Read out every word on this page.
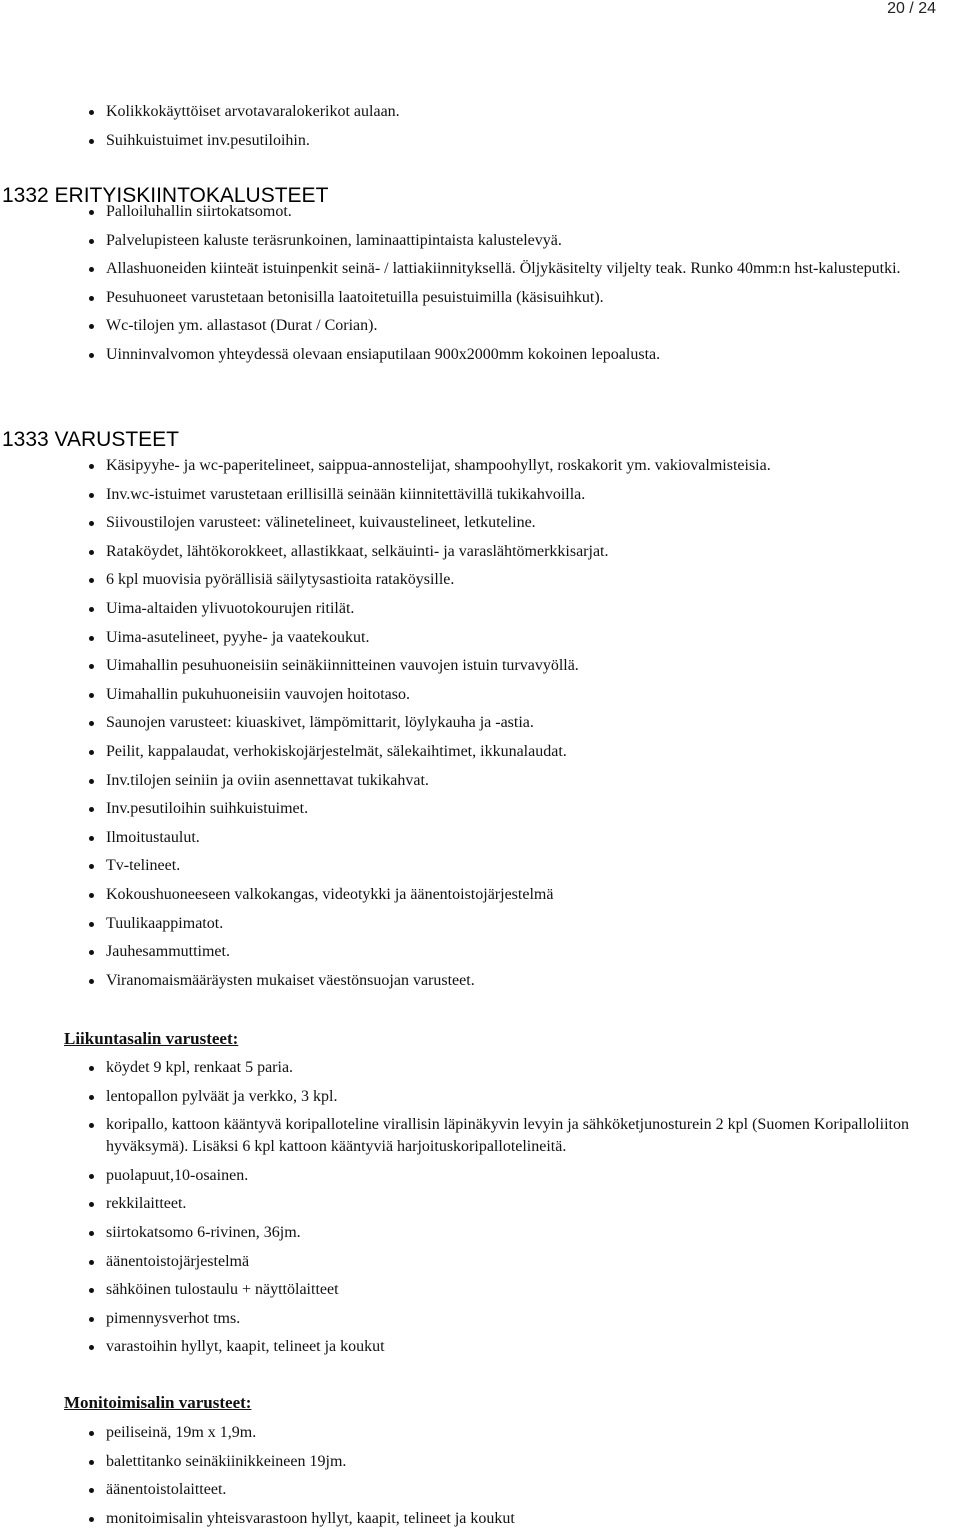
20 / 24
Kolikkokäyttöiset arvotavaralokerikot aulaan.
Suihkuistuimet inv.pesutiloihin.
1332 ERITYISKIINTOKALUSTEET
Palloiluhallin siirtokatsomot.
Palvelupisteen kaluste teräsrunkoinen, laminaattipintaista kalustelevyä.
Allashuoneiden kiinteät istuinpenkit seinä- / lattiakiinnityksellä. Öljykäsitelty viljelty teak. Runko 40mm:n hst-kalusteputki.
Pesuhuoneet varustetaan betonisilla laatoitetuilla pesuistuimilla (käsisuihkut).
Wc-tilojen ym. allastasot (Durat / Corian).
Uinninvalvomon yhteydessä olevaan ensiaputilaan 900x2000mm kokoinen lepoalusta.
1333 VARUSTEET
Käsipyyhe- ja wc-paperitelineet, saippua-annostelijat, shampoohyllyt, roskakorit ym. vakiovalmisteisia.
Inv.wc-istuimet varustetaan erillisillä seinään kiinnitettävillä tukikahvoilla.
Siivoustilojen varusteet: välinetelineet, kuivaustelineet, letkuteline.
Rataköydet, lähtökorokkeet, allastikkaat, selkäuinti- ja varaslähtömerkkisarjat.
6 kpl muovisia pyörällisiä säilytysastioita rataköysille.
Uima-altaiden ylivuotokourujen ritilät.
Uima-asutelineet, pyyhe- ja vaatekoukut.
Uimahallin pesuhuoneisiin seinäkiinnitteinen vauvojen istuin turvavyöllä.
Uimahallin pukuhuoneisiin vauvojen hoitotaso.
Saunojen varusteet: kiuaskivet, lämpömittarit, löylykauha ja -astia.
Peilit, kappalaudat, verhokiskojärjestelmät, sälekaihtimet, ikkunalaudat.
Inv.tilojen seiniin ja oviin asennettavat tukikahvat.
Inv.pesutiloihin suihkuistuimet.
Ilmoitustaulut.
Tv-telineet.
Kokoushuoneeseen valkokangas, videotykki ja äänentoistojärjestelmä
Tuulikaappimatot.
Jauhesammuttimet.
Viranomaismääräysten mukaiset väestönsuojan varusteet.
Liikuntasalin varusteet:
köydet 9 kpl, renkaat 5 paria.
lentopallon pylväät ja verkko, 3 kpl.
koripallo, kattoon kääntyvä koripalloteline virallisin läpinäkyvin levyin ja sähköketjunosturein 2 kpl (Suomen Koripalloliiton hyväksymä). Lisäksi 6 kpl kattoon kääntyviä harjoituskoripallotelineitä.
puolapuut,10-osainen.
rekkilaitteet.
siirtokatsomo 6-rivinen, 36jm.
äänentoistojärjestelmä
sähköinen tulostaulu + näyttölaitteet
pimennysverhot tms.
varastoihin hyllyt, kaapit, telineet ja koukut
Monitoimisalin varusteet:
peiliseinä, 19m x 1,9m.
balettitanko seinäkiinikkeineen 19jm.
äänentoistolaitteet.
monitoimisalin yhteisvarastoon hyllyt, kaapit, telineet ja koukut
